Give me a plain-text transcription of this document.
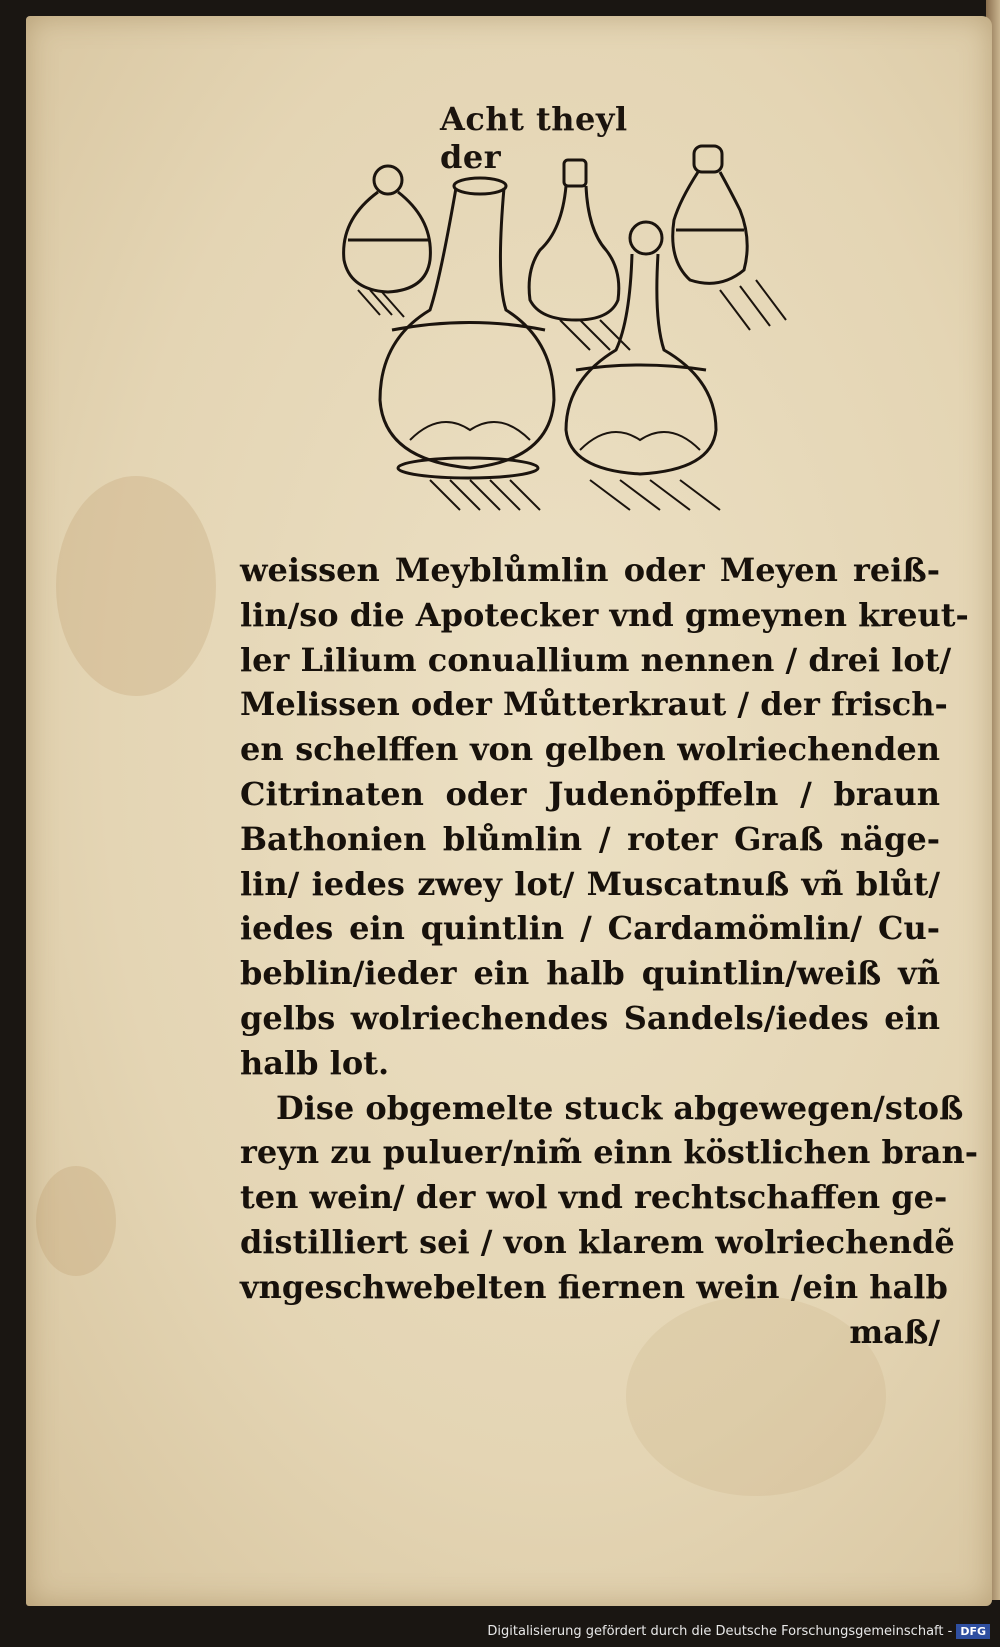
Acht theyl der
weissen Meyblůmlin oder Meyen reiß-
lin/so die Apotecker vnd gmeynen kreut-
ler Lilium conuallium nennen / drei lot/
Melissen oder Můtterkraut / der frisch-
en schelffen von gelben wolriechenden
Citrinaten oder Judenöpffeln / braun
Bathonien blůmlin / roter Graß näge-
lin/ iedes zwey lot/ Muscatnuß vñ blůt/
iedes ein quintlin / Cardamömlin/ Cu-
beblin/ieder ein halb quintlin/weiß vñ
gelbs wolriechendes Sandels/iedes ein
halb lot.
Dise obgemelte stuck abgewegen/stoß
reyn zu puluer/nim̃ einn köstlichen bran-
ten wein/ der wol vnd rechtschaffen ge-
distilliert sei / von klarem wolriechendẽ
vngeschwebelten fiernen wein /ein halb
maß/
Digitalisierung gefördert durch die Deutsche Forschungsgemeinschaft - DFG
